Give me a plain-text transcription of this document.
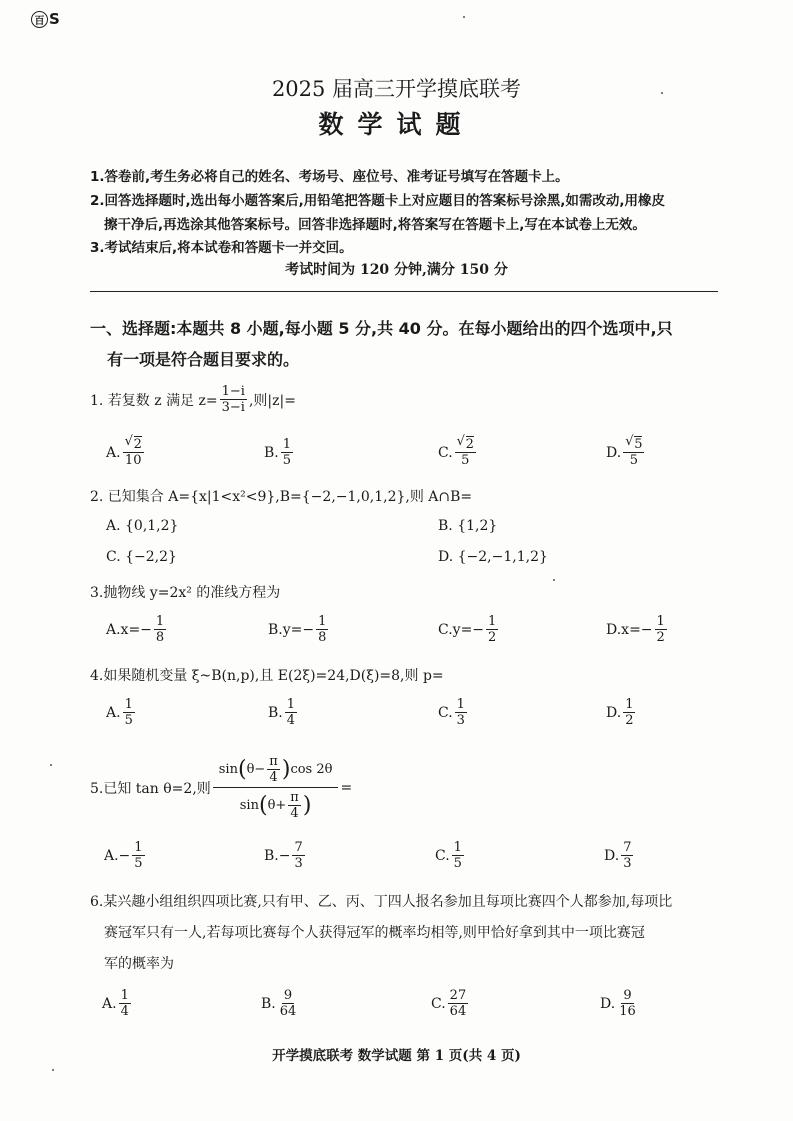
百 S
2025 届高三开学摸底联考
数学试题
1.答卷前,考生务必将自己的姓名、考场号、座位号、准考证号填写在答题卡上。
2.回答选择题时,选出每小题答案后,用铅笔把答题卡上对应题目的答案标号涂黑,如需改动,用橡皮
擦干净后,再选涂其他答案标号。回答非选择题时,将答案写在答题卡上,写在本试卷上无效。
3.考试结束后,将本试卷和答题卡一并交回。
考试时间为 120 分钟,满分 150 分
一、选择题:本题共 8 小题,每小题 5 分,共 40 分。在每小题给出的四个选项中,只
有一项是符合题目要求的。
1. 若复数 z 满足 $z= \frac{1-i}{3-i}$ ,则|z|=
A. √ $\frac{2}{10}$	B. $\frac{1}{5}$	C. √ $\frac{2}{5}$	D. √ $\frac{5}{5}$
2. 已知集合 A={x|1<x²<9},B={−2,−1,0,1,2},则 A∩B=
A. {0,1,2}	B. {1,2}
C. {−2,2}	D. {−2,−1,1,2}
3.抛物线 y=2x² 的准线方程为
$A.x=- \frac{1}{8}$	$B.y=- \frac{1}{8}$	$C.y=- \frac{1}{2}$	$D.x=- \frac{1}{2}$
4.如果随机变量 ξ~B(n,p),且 E(2ξ)=24,D(ξ)=8,则 p=
A. $\frac{1}{5}$	B. $\frac{1}{4}$	C. $\frac{1}{3}$	D. $\frac{1}{2}$
5.已知 tan θ=2,则 $\frac{\sin ( \theta- \frac{\pi}{4} ) \cos 2\theta}{\sin ( \theta+ \frac{\pi}{4} )}$ =
$A.- \frac{1}{5}$	$B.- \frac{7}{3}$	C. $\frac{1}{5}$	D. $\frac{7}{3}$
6.某兴趣小组组织四项比赛,只有甲、乙、丙、丁四人报名参加且每项比赛四个人都参加,每项比
赛冠军只有一人,若每项比赛每个人获得冠军的概率均相等,则甲恰好拿到其中一项比赛冠
军的概率为
A. $\frac{1}{4}$	B. $\frac{9}{64}$	C. $\frac{27}{64}$	D. $\frac{9}{16}$
开学摸底联考 数学试题 第 1 页(共 4 页)
